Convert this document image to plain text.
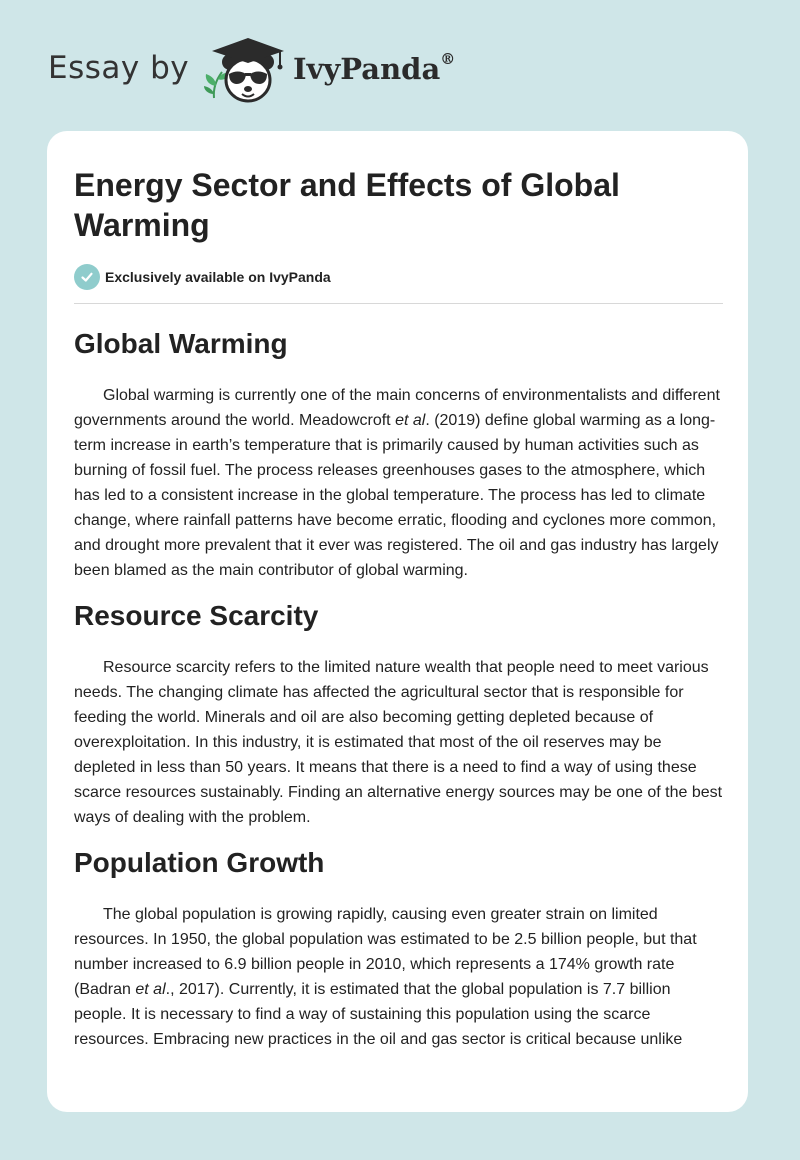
Essay by	IvyPanda®
Energy Sector and Effects of Global Warming
Exclusively available on IvyPanda
Global Warming

Global warming is currently one of the main concerns of environmentalists and different governments around the world. Meadowcroft et al. (2019) define global warming as a long-term increase in earth’s temperature that is primarily caused by human activities such as burning of fossil fuel. The process releases greenhouses gases to the atmosphere, which has led to a consistent increase in the global temperature. The process has led to climate change, where rainfall patterns have become erratic, flooding and cyclones more common, and drought more prevalent that it ever was registered. The oil and gas industry has largely been blamed as the main contributor of global warming.

Resource Scarcity

Resource scarcity refers to the limited nature wealth that people need to meet various needs. The changing climate has affected the agricultural sector that is responsible for feeding the world. Minerals and oil are also becoming getting depleted because of overexploitation. In this industry, it is estimated that most of the oil reserves may be depleted in less than 50 years. It means that there is a need to find a way of using these scarce resources sustainably. Finding an alternative energy sources may be one of the best ways of dealing with the problem.

Population Growth

The global population is growing rapidly, causing even greater strain on limited resources. In 1950, the global population was estimated to be 2.5 billion people, but that number increased to 6.9 billion people in 2010, which represents a 174% growth rate (Badran et al., 2017). Currently, it is estimated that the global population is 7.7 billion people. It is necessary to find a way of sustaining this population using the scarce resources. Embracing new practices in the oil and gas sector is critical because unlike
